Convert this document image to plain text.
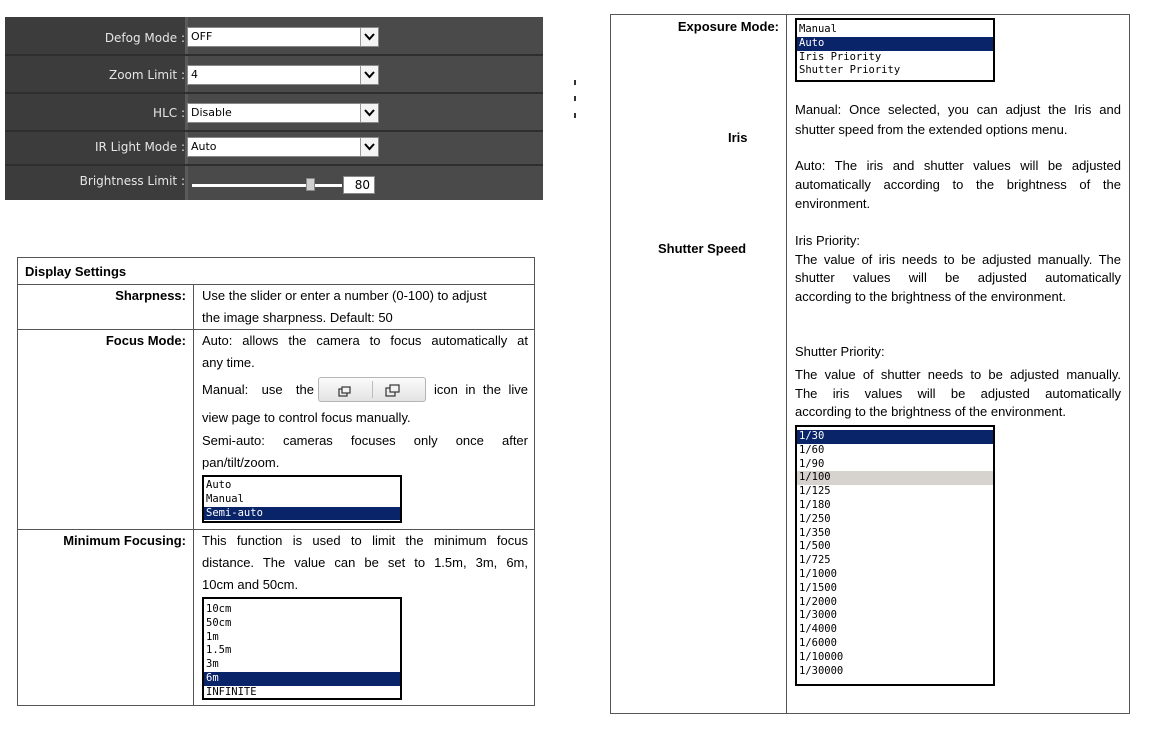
Defog Mode :
Zoom Limit :
HLC :
IR Light Mode :
Brightness Limit :
OFF
4
Disable
Auto
80
Display Settings
Sharpness: Use the slider or enter a number (0-100) to adjust
the image sharpness. Default: 50
Focus Mode: Auto: allows the camera to focus automatically at
any time.
Manual: use the	icon in the live
view page to control focus manually.
Semi-auto: cameras focuses only once after
pan/tilt/zoom.
Auto
Manual
Semi-auto
Minimum Focusing: This function is used to limit the minimum focus
distance. The value can be set to 1.5m, 3m, 6m,
10cm and 50cm.
10cm
50cm
1m
1.5m
3m
6m
INFINITE
Exposure Mode: Manual
Auto
Iris Priority
Shutter Priority
Iris
Shutter Speed
Manual: Once selected, you can adjust the Iris and
shutter speed from the extended options menu.
Auto: The iris and shutter values will be adjusted
automatically according to the brightness of the
environment.
Iris Priority:
The value of iris needs to be adjusted manually. The
shutter values will be adjusted automatically
according to the brightness of the environment.
Shutter Priority:
The value of shutter needs to be adjusted manually.
The iris values will be adjusted automatically
according to the brightness of the environment.
1/30
1/60
1/90
1/100
1/125
1/180
1/250
1/350
1/500
1/725
1/1000
1/1500
1/2000
1/3000
1/4000
1/6000
1/10000
1/30000
